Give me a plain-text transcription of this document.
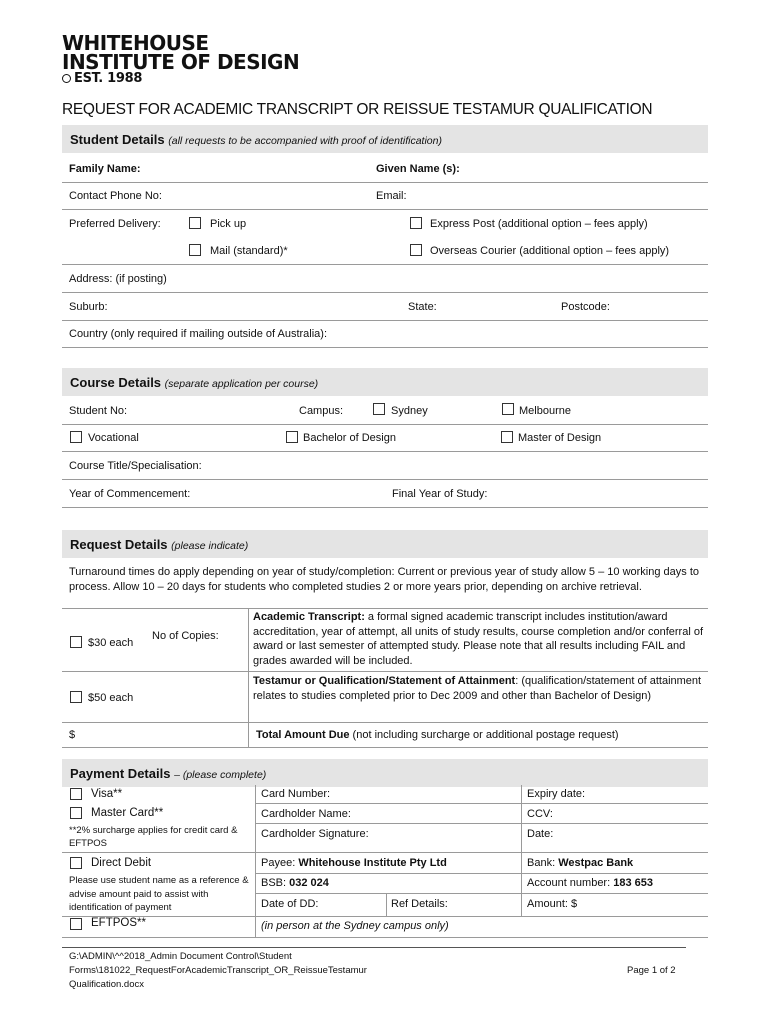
WHITEHOUSE
INSTITUTE OF DESIGN
EST. 1988
REQUEST FOR ACADEMIC TRANSCRIPT OR REISSUE TESTAMUR QUALIFICATION
Student Details (all requests to be accompanied with proof of identification)
Family Name:	Given Name (s):
Contact Phone No:	Email:
Preferred Delivery:	Pick up	Express Post (additional option – fees apply)
Mail (standard)*	Overseas Courier (additional option – fees apply)
Address: (if posting)
Suburb:	State:	Postcode:
Country (only required if mailing outside of Australia):
Course Details (separate application per course)
Student No:	Campus:	Sydney	Melbourne
Vocational	Bachelor of Design	Master of Design
Course Title/Specialisation:
Year of Commencement:	Final Year of Study:
Request Details (please indicate)
Turnaround times do apply depending on year of study/completion: Current or previous year of study allow 5 – 10 working days to process. Allow 10 – 20 days for students who completed studies 2 or more years prior, depending on archive retrieval.
$30 each
No of Copies:
Academic Transcript: a formal signed academic transcript includes institution/award accreditation, year of attempt, all units of study results, course completion and/or conferral of award or last semester of attempted study. Please note that all results including FAIL and grades awarded will be included.
$50 each
Testamur or Qualification/Statement of Attainment: (qualification/statement of attainment relates to studies completed prior to Dec 2009 and other than Bachelor of Design)
$	Total Amount Due (not including surcharge or additional postage request)
Payment Details – (please complete)
Visa**	Card Number:	Expiry date:
Master Card**	Cardholder Name:	CCV:
**2% surcharge applies for credit card & EFTPOS
Cardholder Signature:	Date:
Direct Debit	Payee: Whitehouse Institute Pty Ltd	Bank: Westpac Bank
Please use student name as a reference & advise amount paid to assist with identification of payment
BSB: 032 024	Account number: 183 653
Date of DD:	Ref Details:	Amount: $
EFTPOS**	(in person at the Sydney campus only)
G:\ADMIN\^^2018_Admin Document Control\Student
Forms\181022_RequestForAcademicTranscript_OR_ReissueTestamur
Qualification.docx
Page 1 of 2
